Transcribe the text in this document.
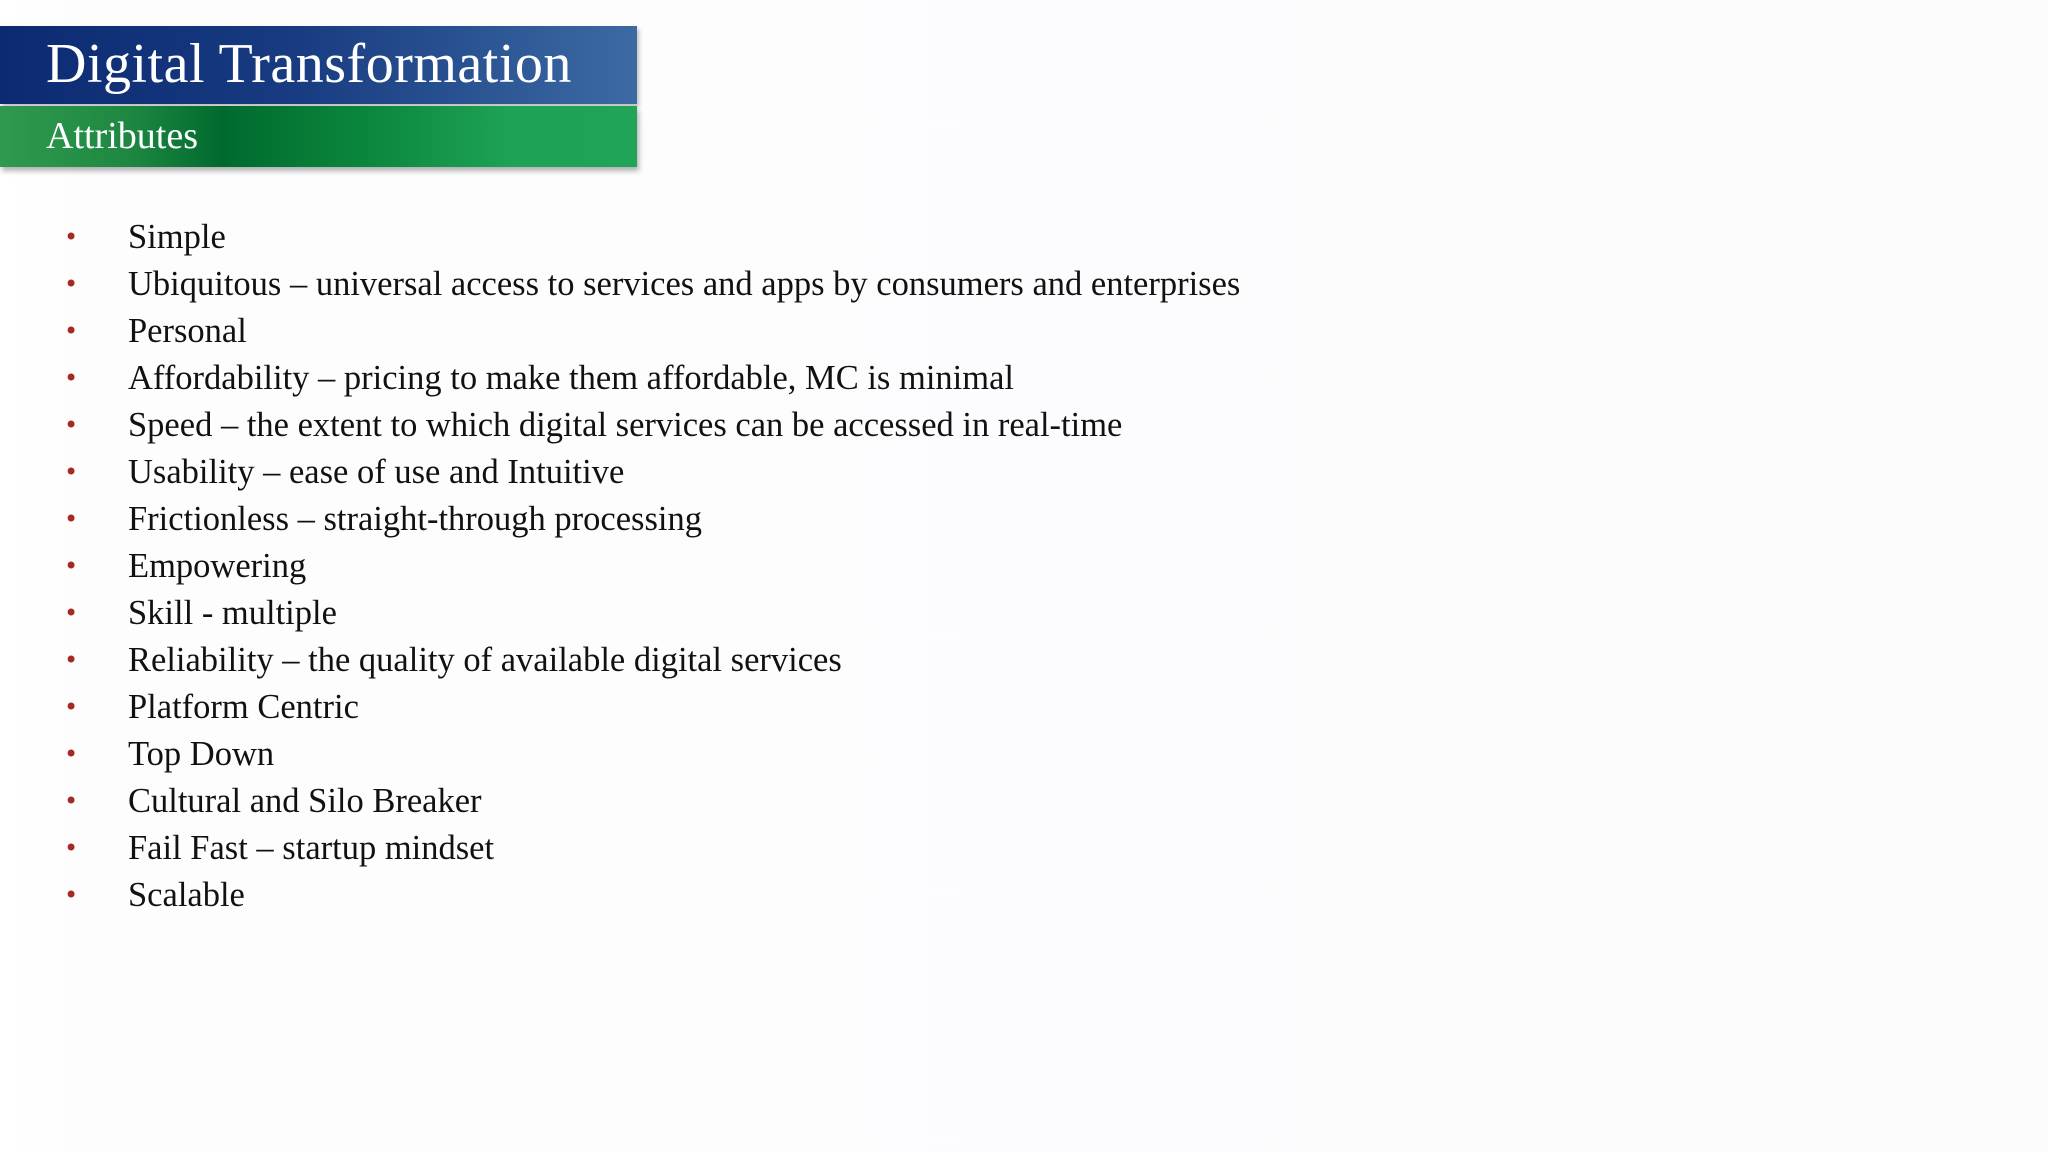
Digital Transformation
Attributes
• Simple
• Ubiquitous – universal access to services and apps by consumers and enterprises
• Personal
• Affordability – pricing to make them affordable, MC is minimal
• Speed – the extent to which digital services can be accessed in real-time
• Usability – ease of use and Intuitive
• Frictionless – straight-through processing
• Empowering
• Skill - multiple
• Reliability – the quality of available digital services
• Platform Centric
• Top Down
• Cultural and Silo Breaker
• Fail Fast – startup mindset
• Scalable
